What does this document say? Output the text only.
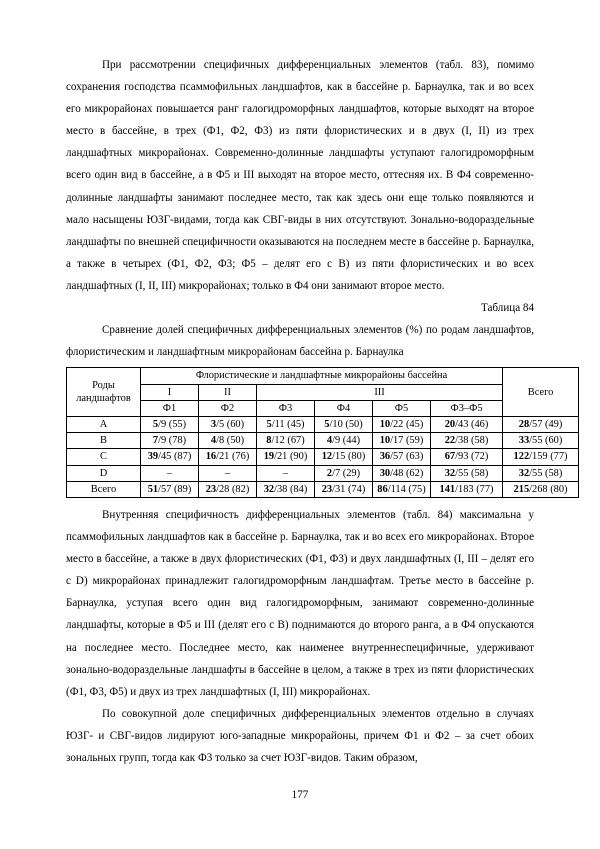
При рассмотрении специфичных дифференциальных элементов (табл. 83), помимо сохранения господства псаммофильных ландшафтов, как в бассейне р. Барнаулка, так и во всех его микрорайонах повышается ранг галогидроморфных ландшафтов, которые выходят на второе место в бассейне, в трех (Ф1, Ф2, Ф3) из пяти флористических и в двух (I, II) из трех ландшафтных микрорайонах. Современно-долинные ландшафты уступают галогидроморфным всего один вид в бассейне, а в Ф5 и III выходят на второе место, оттесняя их. В Ф4 современно-долинные ландшафты занимают последнее место, так как здесь они еще только появляются и мало насыщены ЮЗГ-видами, тогда как СВГ-виды в них отсутствуют. Зонально-водораздельные ландшафты по внешней специфичности оказываются на последнем месте в бассейне р. Барнаулка, а также в четырех (Ф1, Ф2, Ф3; Ф5 – делят его с В) из пяти флористических и во всех ландшафтных (I, II, III) микрорайонах; только в Ф4 они занимают второе место.

Таблица 84

Сравнение долей специфичных дифференциальных элементов (%) по родам ландшафтов, флористическим и ландшафтным микрорайонам бассейна р. Барнаулка

Роды
ландшафтов	Флористические и ландшафтные микрорайоны бассейна						Всего
	I	II	III				
	Ф1	Ф2	Ф3	Ф4	Ф5	Ф3–Ф5	
A	5/9 (55)	3/5 (60)	5/11 (45)	5/10 (50)	10/22 (45)	20/43 (46)	28/57 (49)
B	7/9 (78)	4/8 (50)	8/12 (67)	4/9 (44)	10/17 (59)	22/38 (58)	33/55 (60)
C	39/45 (87)	16/21 (76)	19/21 (90)	12/15 (80)	36/57 (63)	67/93 (72)	122/159 (77)
D	–	–	–	2/7 (29)	30/48 (62)	32/55 (58)	32/55 (58)
Всего	51/57 (89)	23/28 (82)	32/38 (84)	23/31 (74)	86/114 (75)	141/183 (77)	215/268 (80)

Внутренняя специфичность дифференциальных элементов (табл. 84) максимальна у псаммофильных ландшафтов как в бассейне р. Барнаулка, так и во всех его микрорайонах. Второе место в бассейне, а также в двух флористических (Ф1, Ф3) и двух ландшафтных (I, III – делят его с D) микрорайонах принадлежит галогидроморфным ландшафтам. Третье место в бассейне р. Барнаулка, уступая всего один вид галогидроморфным, занимают современно-долинные ландшафты, которые в Ф5 и III (делят его с В) поднимаются до второго ранга, а в Ф4 опускаются на последнее место. Последнее место, как наименее внутреннеспецифичные, удерживают зонально-водораздельные ландшафты в бассейне в целом, а также в трех из пяти флористических (Ф1, Ф3, Ф5) и двух из трех ландшафтных (I, III) микрорайонах.

По совокупной доле специфичных дифференциальных элементов отдельно в случаях ЮЗГ- и СВГ-видов лидируют юго-западные микрорайоны, причем Ф1 и Ф2 – за счет обоих зональных групп, тогда как Ф3 только за счет ЮЗГ-видов. Таким образом,

177
